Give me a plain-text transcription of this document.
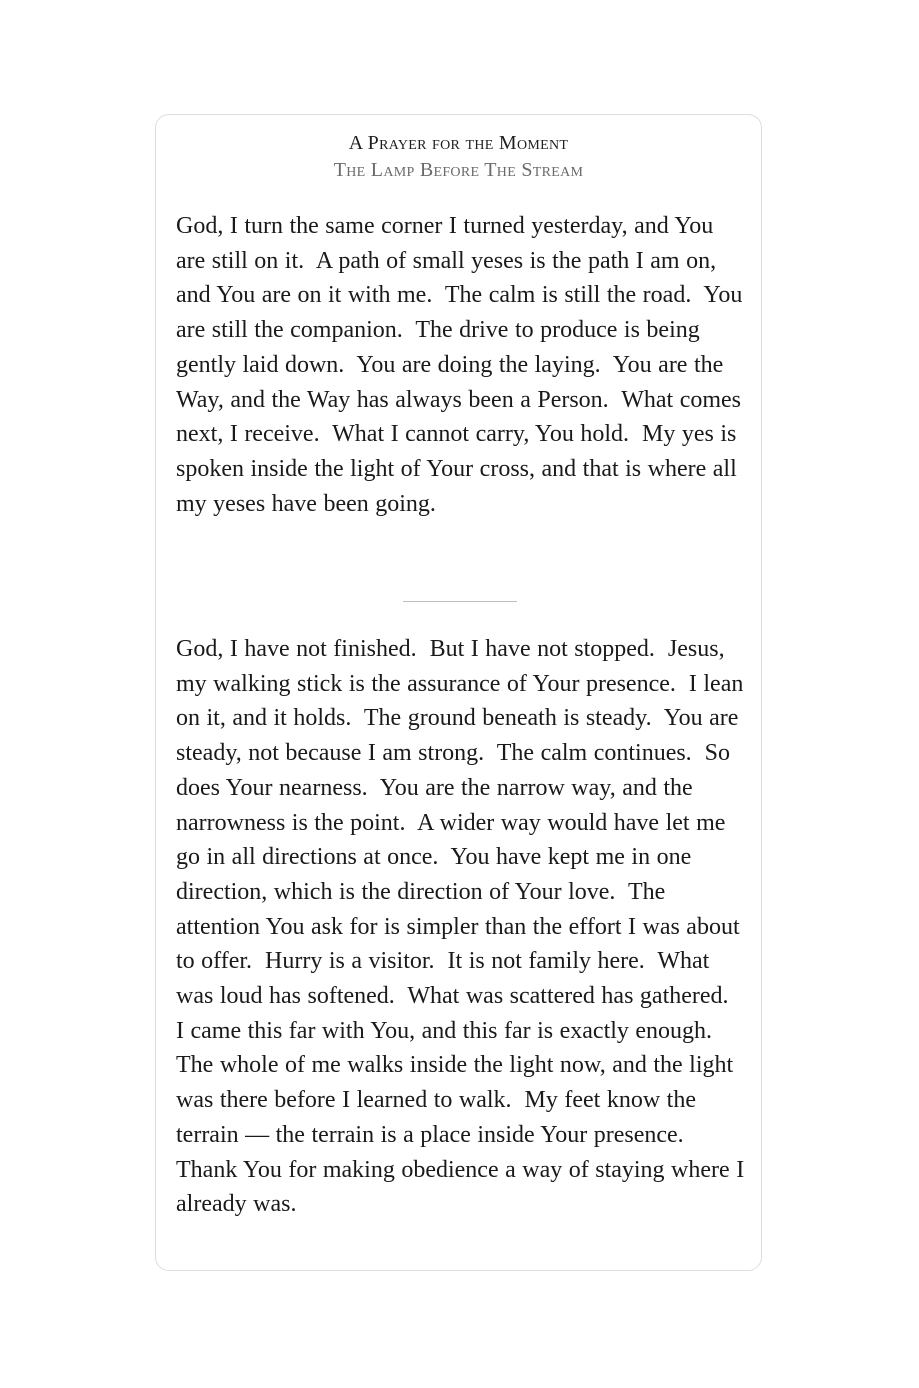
A Prayer for the Moment
The Lamp Before The Stream

God, I turn the same corner I turned yesterday, and You are still on it.  A path of small yeses is the path I am on, and You are on it with me.  The calm is still the road.  You are still the companion.  The drive to produce is being gently laid down.  You are doing the laying.  You are the Way, and the Way has always been a Person.  What comes next, I receive.  What I cannot carry, You hold.  My yes is spoken inside the light of Your cross, and that is where all my yeses have been going.

God, I have not finished.  But I have not stopped.  Jesus, my walking stick is the assurance of Your presence.  I lean on it, and it holds.  The ground beneath is steady.  You are steady, not because I am strong.  The calm continues.  So does Your nearness.  You are the narrow way, and the narrowness is the point.  A wider way would have let me go in all directions at once.  You have kept me in one direction, which is the direction of Your love.  The attention You ask for is simpler than the effort I was about to offer.  Hurry is a visitor.  It is not family here.  What was loud has softened.  What was scattered has gathered.  I came this far with You, and this far is exactly enough.  The whole of me walks inside the light now, and the light was there before I learned to walk.  My feet know the terrain — the terrain is a place inside Your presence.  Thank You for making obedience a way of staying where I already was.
